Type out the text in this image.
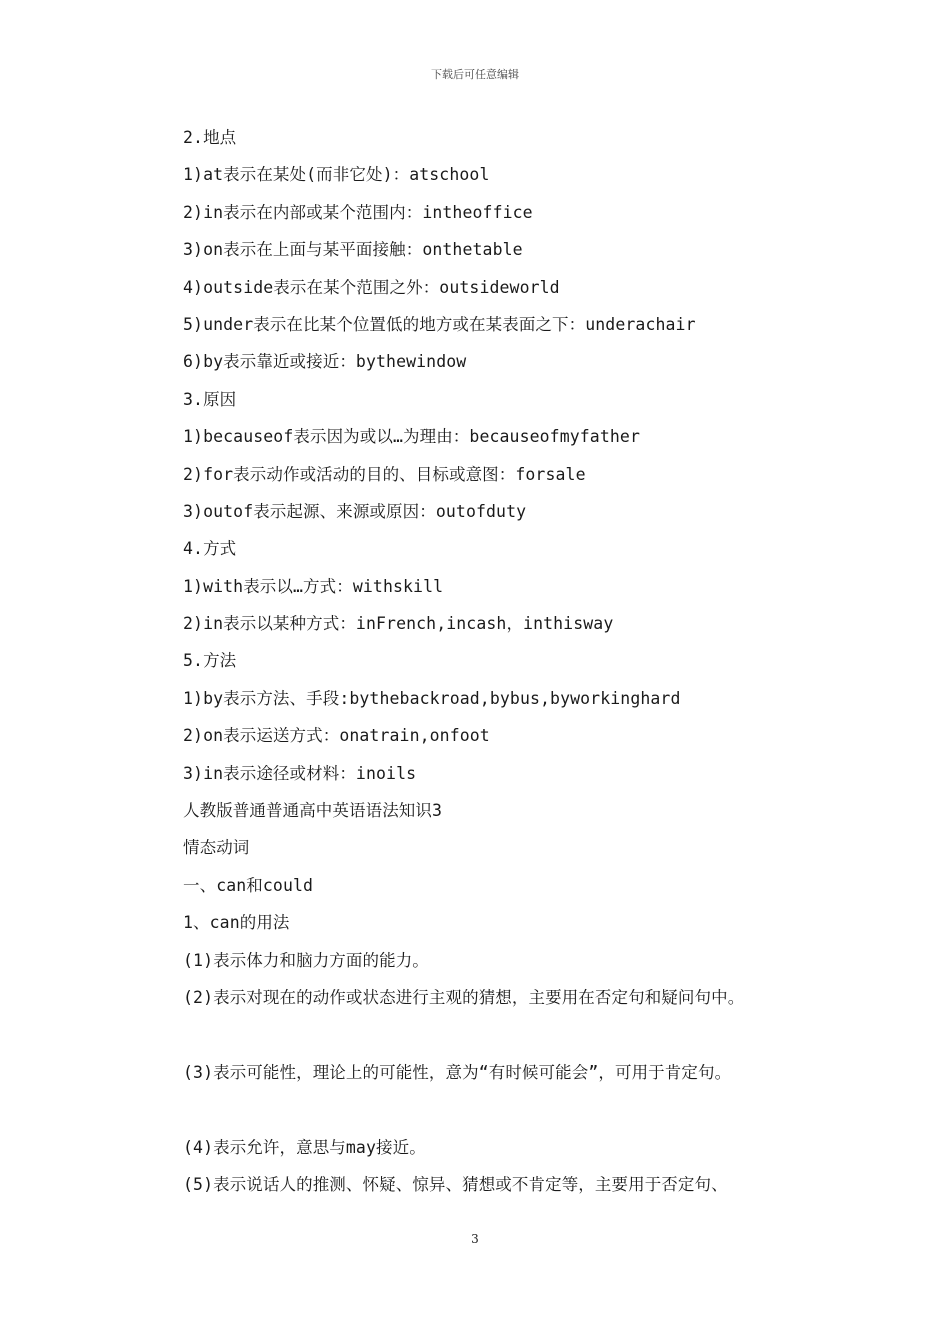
下载后可任意编辑
2.地点
1)at表示在某处(而非它处)：atschool
2)in表示在内部或某个范围内：intheoffice
3)on表示在上面与某平面接触：onthetable
4)outside表示在某个范围之外：outsideworld
5)under表示在比某个位置低的地方或在某表面之下：underachair
6)by表示靠近或接近：bythewindow
3.原因
1)becauseof表示因为或以…为理由：becauseofmyfather
2)for表示动作或活动的目的、目标或意图：forsale
3)outof表示起源、来源或原因：outofduty
4.方式
1)with表示以…方式：withskill
2)in表示以某种方式：inFrench,incash，inthisway
5.方法
1)by表示方法、手段:bythebackroad,bybus,byworkinghard
2)on表示运送方式：onatrain,onfoot
3)in表示途径或材料：inoils
人教版普通普通高中英语语法知识3
情态动词
一、can和could
1、can的用法
(1)表示体力和脑力方面的能力。
(2)表示对现在的动作或状态进行主观的猜想，主要用在否定句和疑问句中。
(3)表示可能性，理论上的可能性，意为“有时候可能会”，可用于肯定句。
(4)表示允许，意思与may接近。
(5)表示说话人的推测、怀疑、惊异、猜想或不肯定等，主要用于否定句、
3
